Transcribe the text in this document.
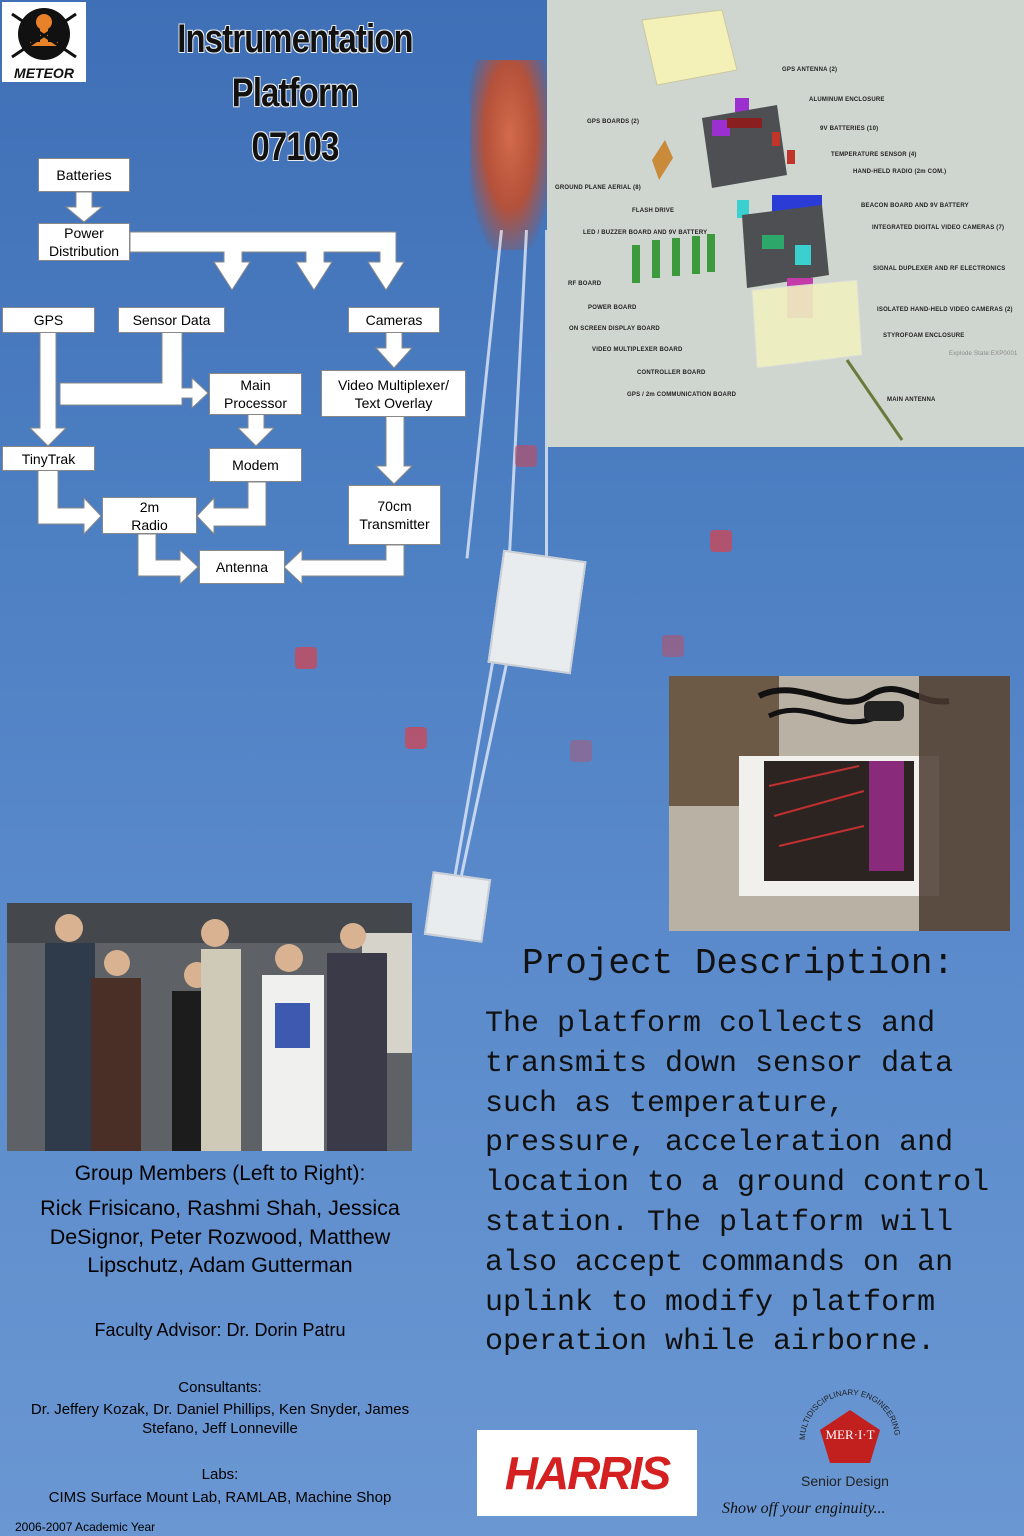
METEOR
Instrumentation
Platform
07103
Batteries
Power Distribution
GPS	Sensor Data	Cameras
Main Processor
Video Multiplexer/ Text Overlay
TinyTrak	Modem
2m Radio
70cm Transmitter
Antenna
GPS ANTENNA (2)
ALUMINUM ENCLOSURE
GPS BOARDS (2)
9V BATTERIES (10)
TEMPERATURE SENSOR (4)
HAND-HELD RADIO (2m COM.)
GROUND PLANE AERIAL (8)
BEACON BOARD AND 9V BATTERY
FLASH DRIVE
INTEGRATED DIGITAL VIDEO CAMERAS (7)
LED / BUZZER BOARD AND 9V BATTERY
SIGNAL DUPLEXER AND RF ELECTRONICS
RF BOARD
POWER BOARD	ISOLATED HAND-HELD VIDEO CAMERAS (2)
ON SCREEN DISPLAY BOARD
STYROFOAM ENCLOSURE
VIDEO MULTIPLEXER BOARD
CONTROLLER BOARD
GPS / 2m COMMUNICATION BOARD
MAIN ANTENNA
Explode State:EXP0001
Group Members (Left to Right):
Rick Frisicano, Rashmi Shah, Jessica DeSignor, Peter Rozwood, Matthew Lipschutz, Adam Gutterman
Faculty Advisor: Dr. Dorin Patru
Consultants:
Dr. Jeffery Kozak, Dr. Daniel Phillips, Ken Snyder, James Stefano, Jeff Lonneville
Labs:
CIMS Surface Mount Lab, RAMLAB, Machine Shop
2006-2007 Academic Year
Project Description:
The platform collects and transmits down sensor data such as temperature, pressure, acceleration and location to a ground control station. The platform will also accept commands on an uplink to modify platform operation while airborne.
HARRIS
MULTIDISCIPLINARY ENGINEERING
MER·I·T
Senior Design
Show off your enginuity...
